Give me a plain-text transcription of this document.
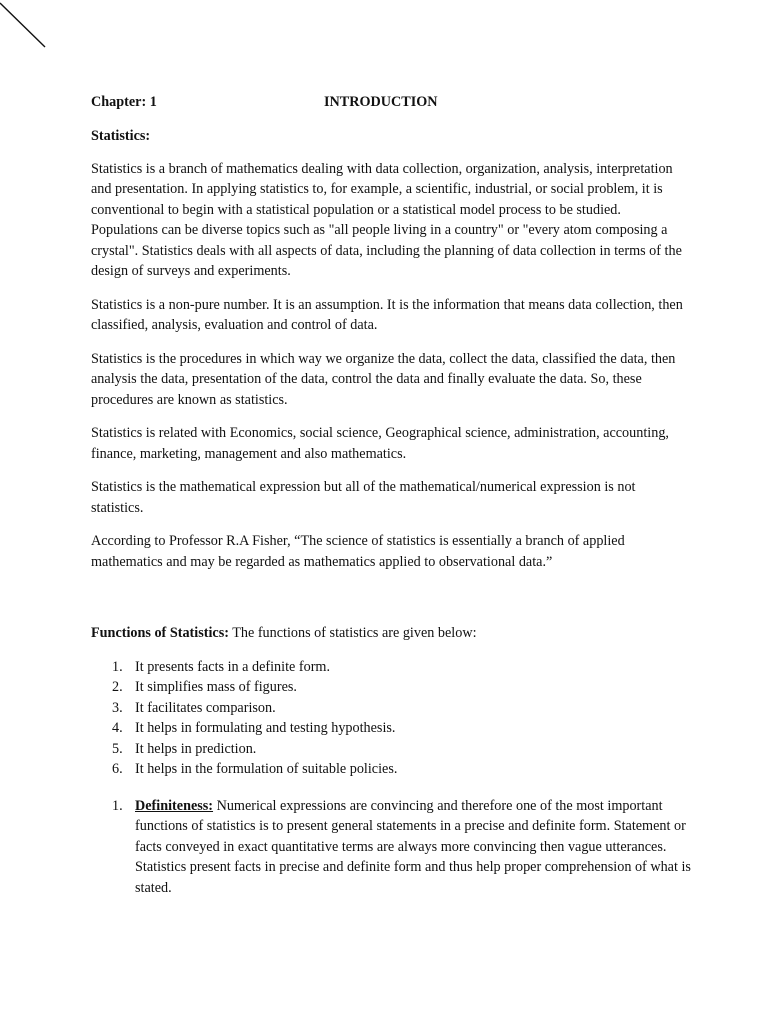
Chapter: 1	INTRODUCTION
Statistics:

Statistics is a branch of mathematics dealing with data collection, organization, analysis, interpretation and presentation. In applying statistics to, for example, a scientific, industrial, or social problem, it is conventional to begin with a statistical population or a statistical model process to be studied. Populations can be diverse topics such as "all people living in a country" or "every atom composing a crystal". Statistics deals with all aspects of data, including the planning of data collection in terms of the design of surveys and experiments.

Statistics is a non-pure number. It is an assumption. It is the information that means data collection, then classified, analysis, evaluation and control of data.

Statistics is the procedures in which way we organize the data, collect the data, classified the data, then analysis the data, presentation of the data, control the data and finally evaluate the data. So, these procedures are known as statistics.

Statistics is related with Economics, social science, Geographical science, administration, accounting, finance, marketing, management and also mathematics.

Statistics is the mathematical expression but all of the mathematical/numerical expression is not statistics.

According to Professor R.A Fisher, “The science of statistics is essentially a branch of applied mathematics and may be regarded as mathematics applied to observational data.”

Functions of Statistics: The functions of statistics are given below:

1. It presents facts in a definite form.
2. It simplifies mass of figures.
3. It facilitates comparison.
4. It helps in formulating and testing hypothesis.
5. It helps in prediction.
6. It helps in the formulation of suitable policies.
1. Definiteness: Numerical expressions are convincing and therefore one of the most important functions of statistics is to present general statements in a precise and definite form. Statement or facts conveyed in exact quantitative terms are always more convincing then vague utterances. Statistics present facts in precise and definite form and thus help proper comprehension of what is stated.
